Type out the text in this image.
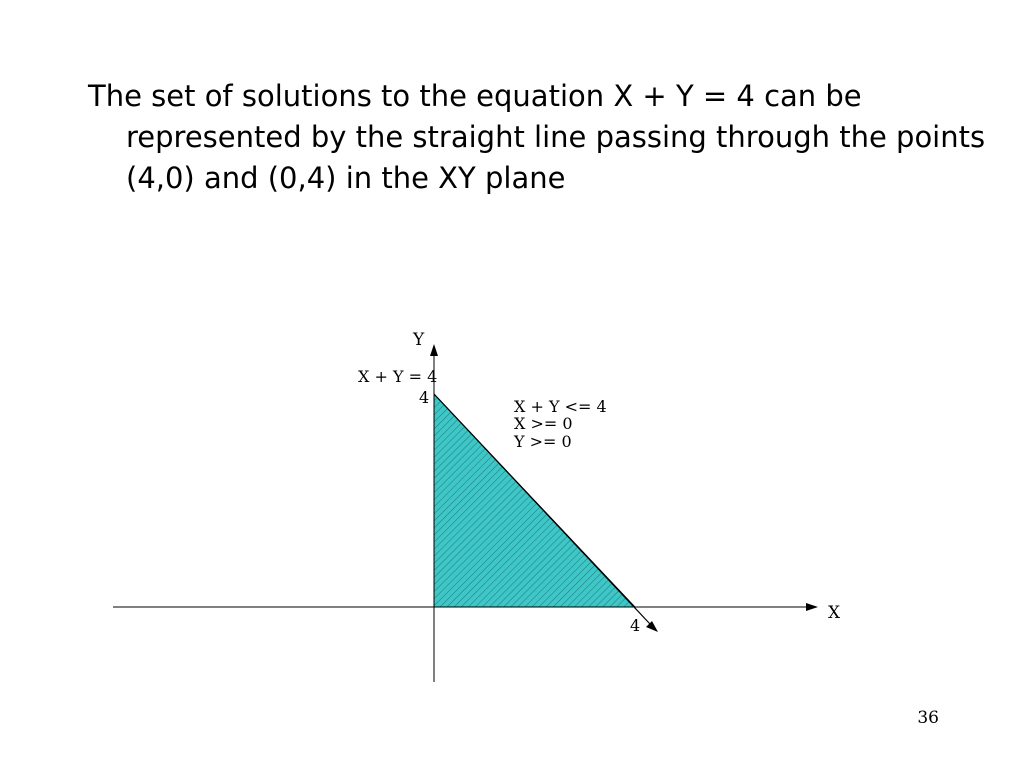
The set of solutions to the equation X + Y = 4 can be represented by the straight line passing through the points (4,0) and (0,4) in the XY plane

Y
X
X + Y = 4
4
4
X + Y <= 4
X >= 0
Y >= 0
36
